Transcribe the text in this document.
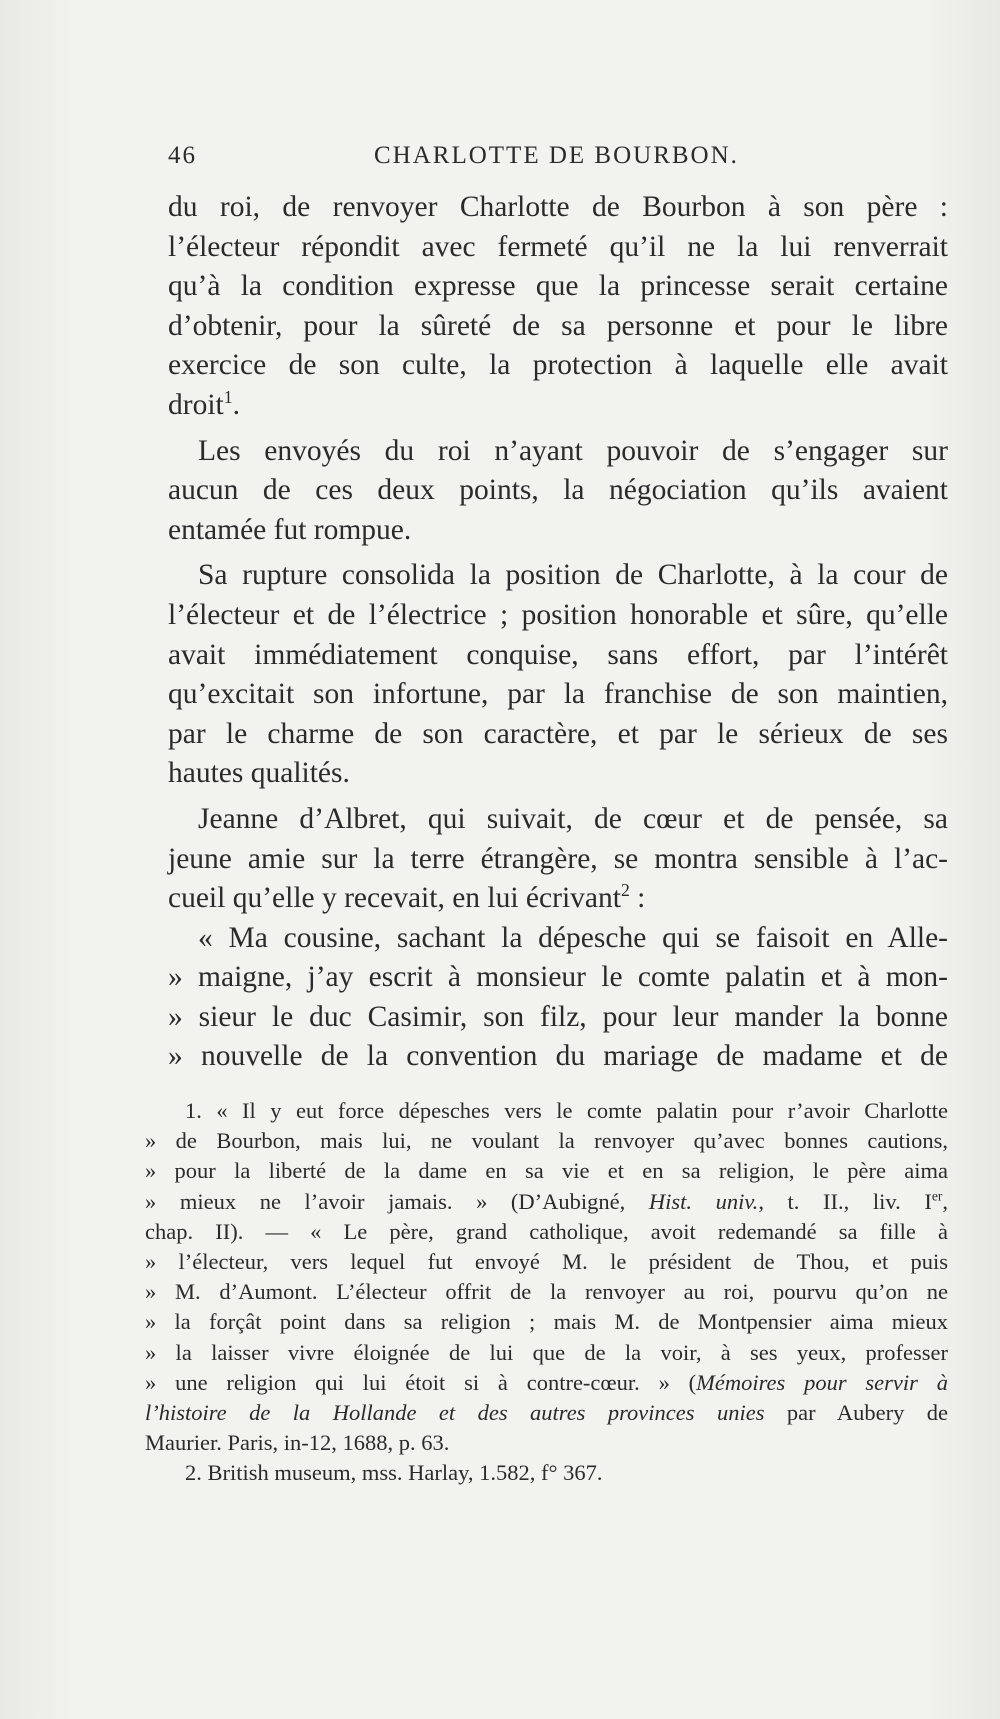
46	CHARLOTTE DE BOURBON.
du roi, de renvoyer Charlotte de Bourbon à son père :
l’électeur répondit avec fermeté qu’il ne la lui renverrait
qu’à la condition expresse que la princesse serait certaine
d’obtenir, pour la sûreté de sa personne et pour le libre
exercice de son culte, la protection à laquelle elle avait
droit$^1$.
Les envoyés du roi n’ayant pouvoir de s’engager sur
aucun de ces deux points, la négociation qu’ils avaient
entamée fut rompue.
Sa rupture consolida la position de Charlotte, à la cour de
l’électeur et de l’électrice ; position honorable et sûre, qu’elle
avait immédiatement conquise, sans effort, par l’intérêt
qu’excitait son infortune, par la franchise de son maintien,
par le charme de son caractère, et par le sérieux de ses
hautes qualités.
Jeanne d’Albret, qui suivait, de cœur et de pensée, sa
jeune amie sur la terre étrangère, se montra sensible à l’ac-
cueil qu’elle y recevait, en lui écrivant$^2$ :
« Ma cousine, sachant la dépesche qui se faisoit en Alle-
» maigne, j’ay escrit à monsieur le comte palatin et à mon-
» sieur le duc Casimir, son filz, pour leur mander la bonne
» nouvelle de la convention du mariage de madame et de
1. « Il y eut force dépesches vers le comte palatin pour r’avoir Charlotte
» de Bourbon, mais lui, ne voulant la renvoyer qu’avec bonnes cautions,
» pour la liberté de la dame en sa vie et en sa religion, le père aima
» mieux ne l’avoir jamais. » (D’Aubigné, Hist. univ., t. II., liv. Ier,
chap. II). — « Le père, grand catholique, avoit redemandé sa fille à
» l’électeur, vers lequel fut envoyé M. le président de Thou, et puis
» M. d’Aumont. L’électeur offrit de la renvoyer au roi, pourvu qu’on ne
» la forçât point dans sa religion ; mais M. de Montpensier aima mieux
» la laisser vivre éloignée de lui que de la voir, à ses yeux, professer
» une religion qui lui étoit si à contre-cœur. » (Mémoires pour servir à
l’histoire de la Hollande et des autres provinces unies par Aubery de
Maurier. Paris, in-12, 1688, p. 63.
2. British museum, mss. Harlay, 1.582, f° 367.
